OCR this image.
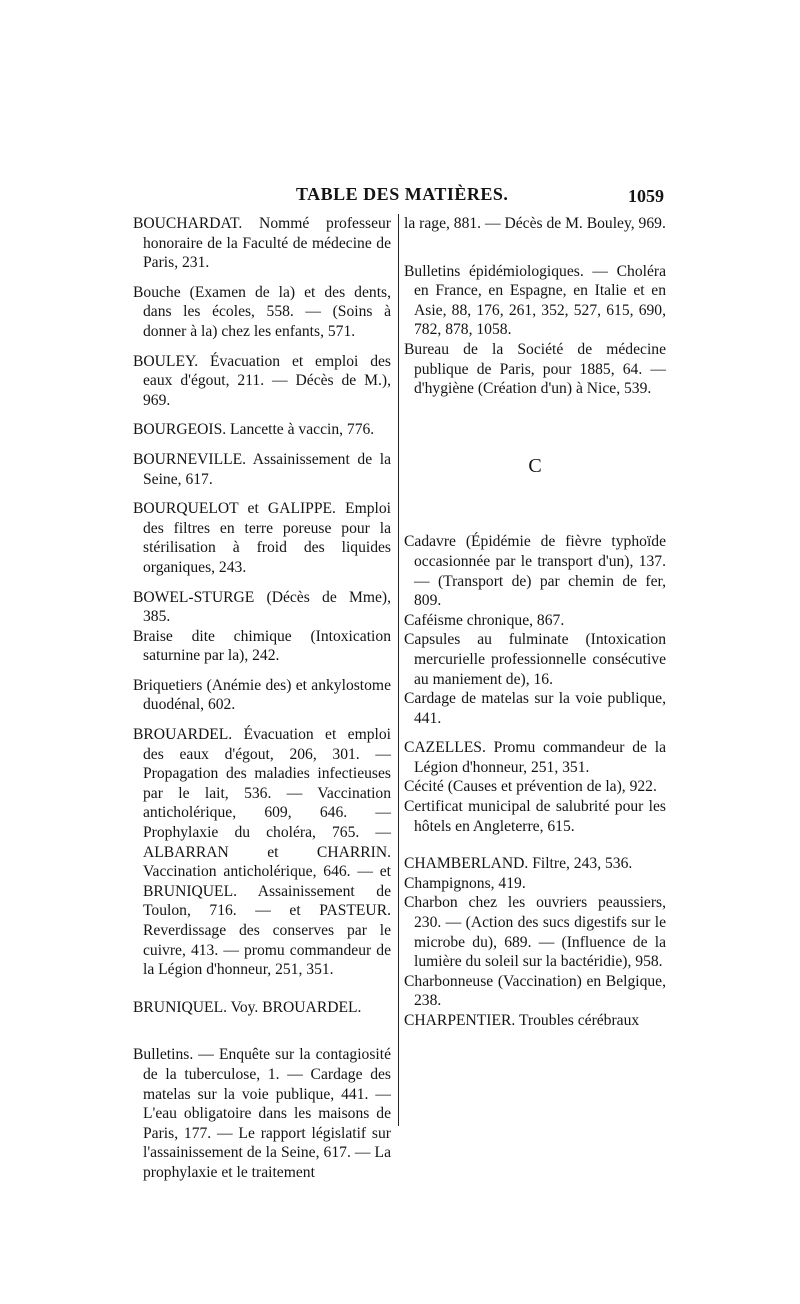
TABLE DES MATIÈRES.	1059

BOUCHARDAT. Nommé professeur honoraire de la Faculté de médecine de Paris, 231.

Bouche (Examen de la) et des dents, dans les écoles, 558. — (Soins à donner à la) chez les enfants, 571.

BOULEY. Évacuation et emploi des eaux d'égout, 211. — Décès de M.), 969.

BOURGEOIS. Lancette à vaccin, 776.

BOURNEVILLE. Assainissement de la Seine, 617.

BOURQUELOT et GALIPPE. Emploi des filtres en terre poreuse pour la stérilisation à froid des liquides organiques, 243.

BOWEL-STURGE (Décès de Mme), 385.

Braise dite chimique (Intoxication saturnine par la), 242.

Briquetiers (Anémie des) et ankylostome duodénal, 602.

BROUARDEL. Évacuation et emploi des eaux d'égout, 206, 301. — Propagation des maladies infectieuses par le lait, 536. — Vaccination anticholérique, 609, 646. — Prophylaxie du choléra, 765. — ALBARRAN et CHARRIN. Vaccination anticholérique, 646. — et BRUNIQUEL. Assainissement de Toulon, 716. — et PASTEUR. Reverdissage des conserves par le cuivre, 413. — promu commandeur de la Légion d'honneur, 251, 351.

BRUNIQUEL. Voy. BROUARDEL.

Bulletins. — Enquête sur la contagiosité de la tuberculose, 1. — Cardage des matelas sur la voie publique, 441. — L'eau obligatoire dans les maisons de Paris, 177. — Le rapport législatif sur l'assainissement de la Seine, 617. — La prophylaxie et le traitement

la rage, 881. — Décès de M. Bouley, 969.

Bulletins épidémiologiques. — Choléra en France, en Espagne, en Italie et en Asie, 88, 176, 261, 352, 527, 615, 690, 782, 878, 1058.

Bureau de la Société de médecine publique de Paris, pour 1885, 64. — d'hygiène (Création d'un) à Nice, 539.

C

Cadavre (Épidémie de fièvre typhoïde occasionnée par le transport d'un), 137. — (Transport de) par chemin de fer, 809.

Caféisme chronique, 867.

Capsules au fulminate (Intoxication mercurielle professionnelle consécutive au maniement de), 16.

Cardage de matelas sur la voie publique, 441.

CAZELLES. Promu commandeur de la Légion d'honneur, 251, 351.

Cécité (Causes et prévention de la), 922.

Certificat municipal de salubrité pour les hôtels en Angleterre, 615.

CHAMBERLAND. Filtre, 243, 536.

Champignons, 419.

Charbon chez les ouvriers peaussiers, 230. — (Action des sucs digestifs sur le microbe du), 689. — (Influence de la lumière du soleil sur la bactéridie), 958.

Charbonneuse (Vaccination) en Belgique, 238.

CHARPENTIER. Troubles cérébraux
